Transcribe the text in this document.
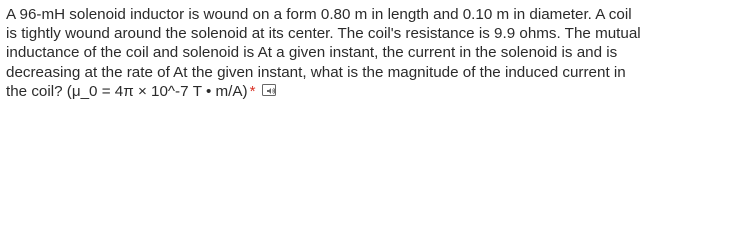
A 96-mH solenoid inductor is wound on a form 0.80 m in length and 0.10 m in diameter. A coil
is tightly wound around the solenoid at its center. The coil's resistance is 9.9 ohms. The mutual
inductance of the coil and solenoid is At a given instant, the current in the solenoid is and is
decreasing at the rate of At the given instant, what is the magnitude of the induced current in
the coil? (μ_0 = 4π × 10^-7 T • m/A) *
